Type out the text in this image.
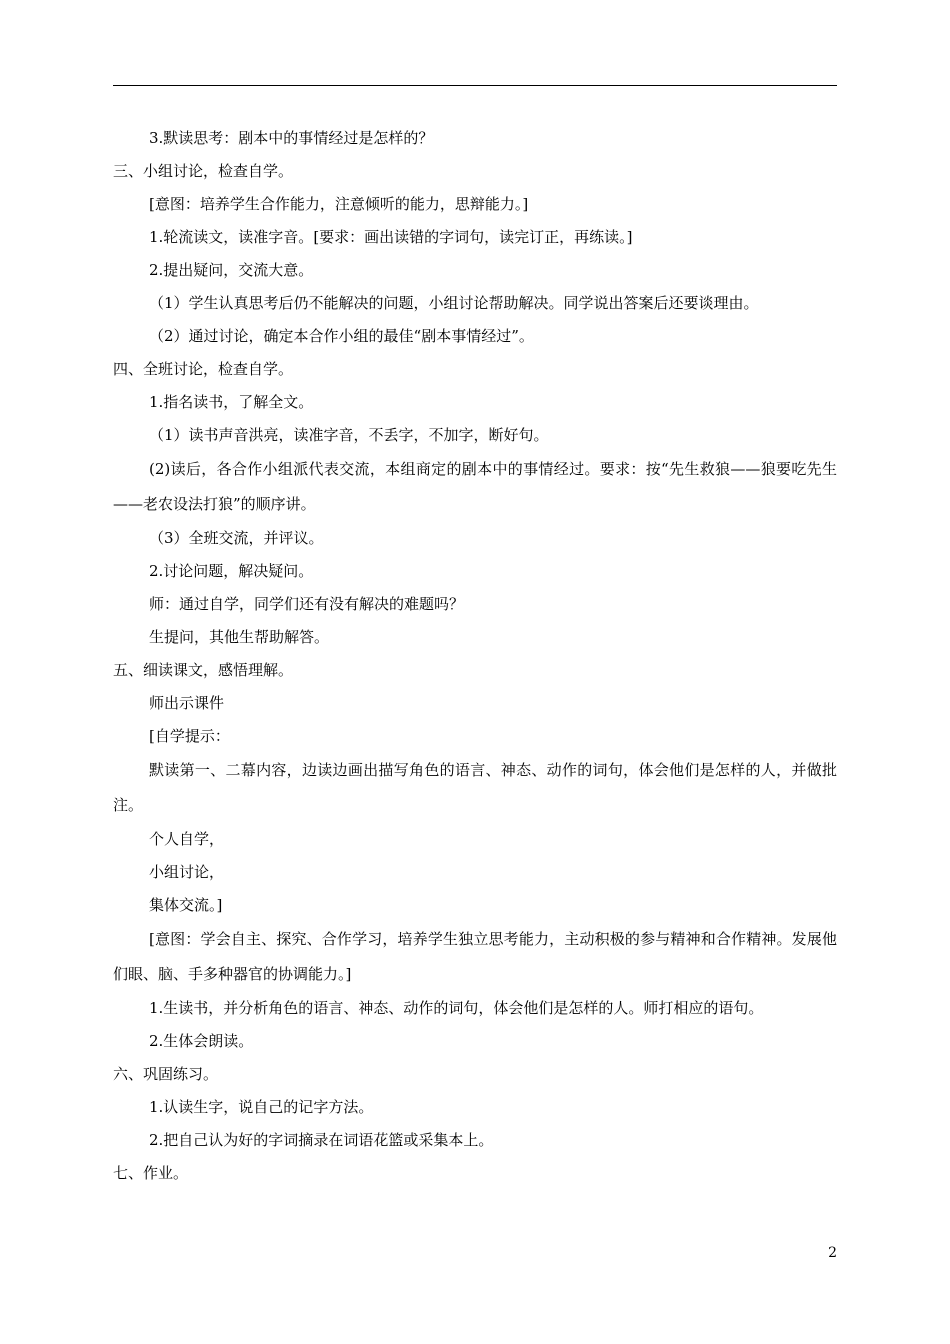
3.默读思考：剧本中的事情经过是怎样的？
三、小组讨论，检查自学。
[意图：培养学生合作能力，注意倾听的能力，思辩能力。]
1.轮流读文，读准字音。[要求：画出读错的字词句，读完订正，再练读。]
2.提出疑问，交流大意。
（1）学生认真思考后仍不能解决的问题，小组讨论帮助解决。同学说出答案后还要谈理由。
（2）通过讨论，确定本合作小组的最佳“剧本事情经过”。
四、全班讨论，检查自学。
1.指名读书，了解全文。
（1）读书声音洪亮，读准字音，不丢字，不加字，断好句。
(2)读后，各合作小组派代表交流，本组商定的剧本中的事情经过。要求：按“先生救狼——狼要吃先生——老农设法打狼”的顺序讲。
（3）全班交流，并评议。
2.讨论问题，解决疑问。
师：通过自学，同学们还有没有解决的难题吗？
生提问，其他生帮助解答。
五、细读课文，感悟理解。
师出示课件
[自学提示：
默读第一、二幕内容，边读边画出描写角色的语言、神态、动作的词句，体会他们是怎样的人，并做批注。
个人自学，
小组讨论，
集体交流。]
[意图：学会自主、探究、合作学习，培养学生独立思考能力，主动积极的参与精神和合作精神。发展他们眼、脑、手多种器官的协调能力。]
1.生读书，并分析角色的语言、神态、动作的词句，体会他们是怎样的人。师打相应的语句。
2.生体会朗读。
六、巩固练习。
1.认读生字，说自己的记字方法。
2.把自己认为好的字词摘录在词语花篮或采集本上。
七、作业。
2
